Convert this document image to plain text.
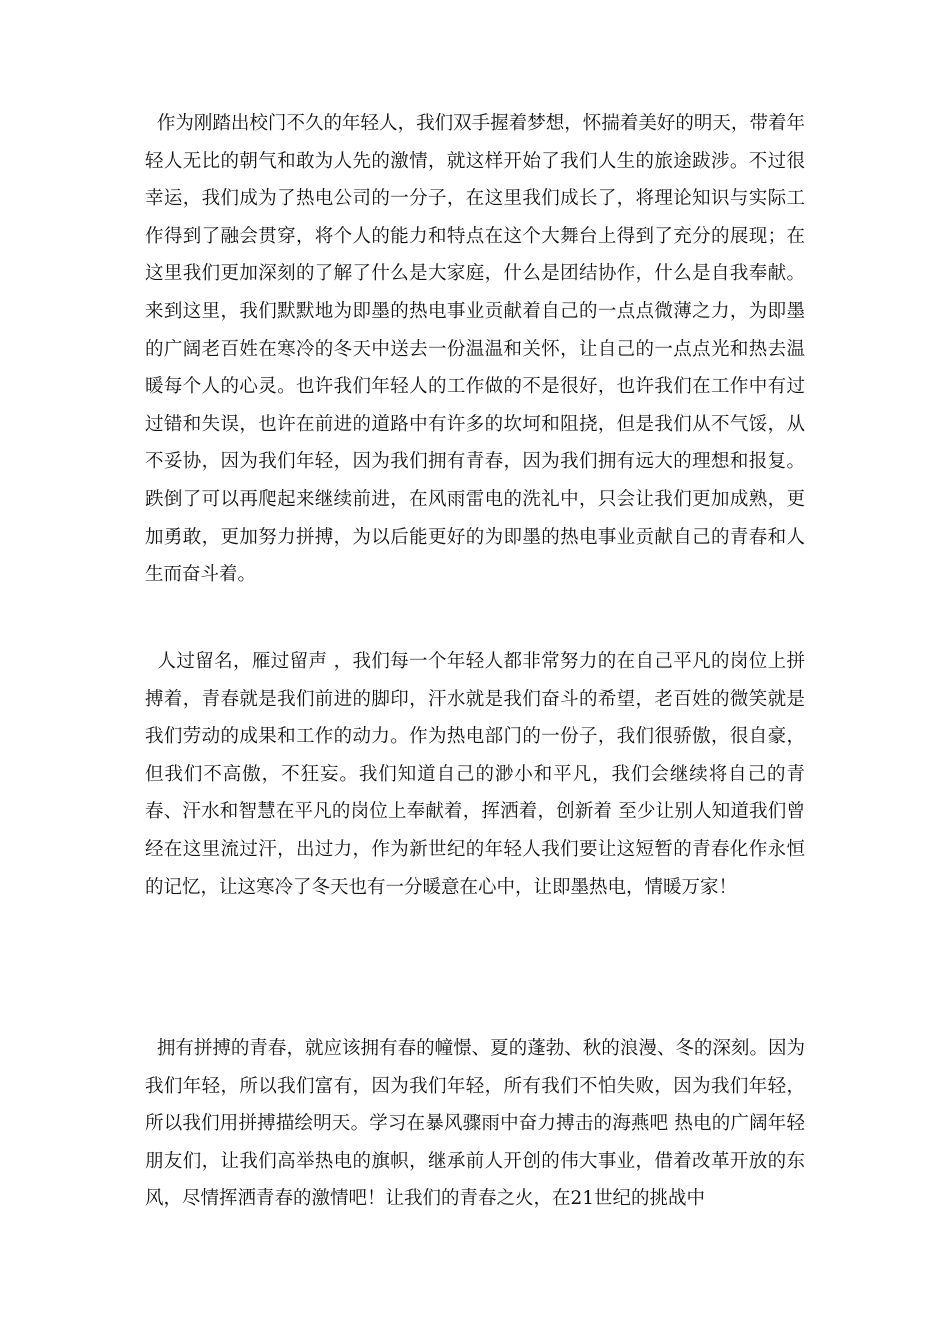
作为刚踏出校门不久的年轻人，我们双手握着梦想，怀揣着美好的明天，带着年轻人无比的朝气和敢为人先的激情，就这样开始了我们人生的旅途跋涉。不过很幸运，我们成为了热电公司的一分子，在这里我们成长了，将理论知识与实际工作得到了融会贯穿，将个人的能力和特点在这个大舞台上得到了充分的展现；在这里我们更加深刻的了解了什么是大家庭，什么是团结协作，什么是自我奉献。来到这里，我们默默地为即墨的热电事业贡献着自己的一点点微薄之力，为即墨的广阔老百姓在寒冷的冬天中送去一份温温和关怀，让自己的一点点光和热去温暖每个人的心灵。也许我们年轻人的工作做的不是很好，也许我们在工作中有过过错和失误，也许在前进的道路中有许多的坎坷和阻挠，但是我们从不气馁，从不妥协，因为我们年轻，因为我们拥有青春，因为我们拥有远大的理想和报复。跌倒了可以再爬起来继续前进，在风雨雷电的洗礼中，只会让我们更加成熟，更加勇敢，更加努力拼搏，为以后能更好的为即墨的热电事业贡献自己的青春和人生而奋斗着。

人过留名，雁过留声 ，我们每一个年轻人都非常努力的在自己平凡的岗位上拼搏着，青春就是我们前进的脚印，汗水就是我们奋斗的希望，老百姓的微笑就是我们劳动的成果和工作的动力。作为热电部门的一份子，我们很骄傲，很自豪，但我们不高傲，不狂妄。我们知道自己的渺小和平凡，我们会继续将自己的青春、汗水和智慧在平凡的岗位上奉献着，挥洒着，创新着 至少让别人知道我们曾经在这里流过汗，出过力，作为新世纪的年轻人我们要让这短暂的青春化作永恒的记忆，让这寒冷了冬天也有一分暖意在心中，让即墨热电，情暖万家！

拥有拼搏的青春，就应该拥有春的幢憬、夏的蓬勃、秋的浪漫、冬的深刻。因为我们年轻，所以我们富有，因为我们年轻，所有我们不怕失败，因为我们年轻，所以我们用拼搏描绘明天。学习在暴风骤雨中奋力搏击的海燕吧 热电的广阔年轻朋友们，让我们高举热电的旗帜，继承前人开创的伟大事业，借着改革开放的东风，尽情挥洒青春的激情吧！让我们的青春之火，在21世纪的挑战中
